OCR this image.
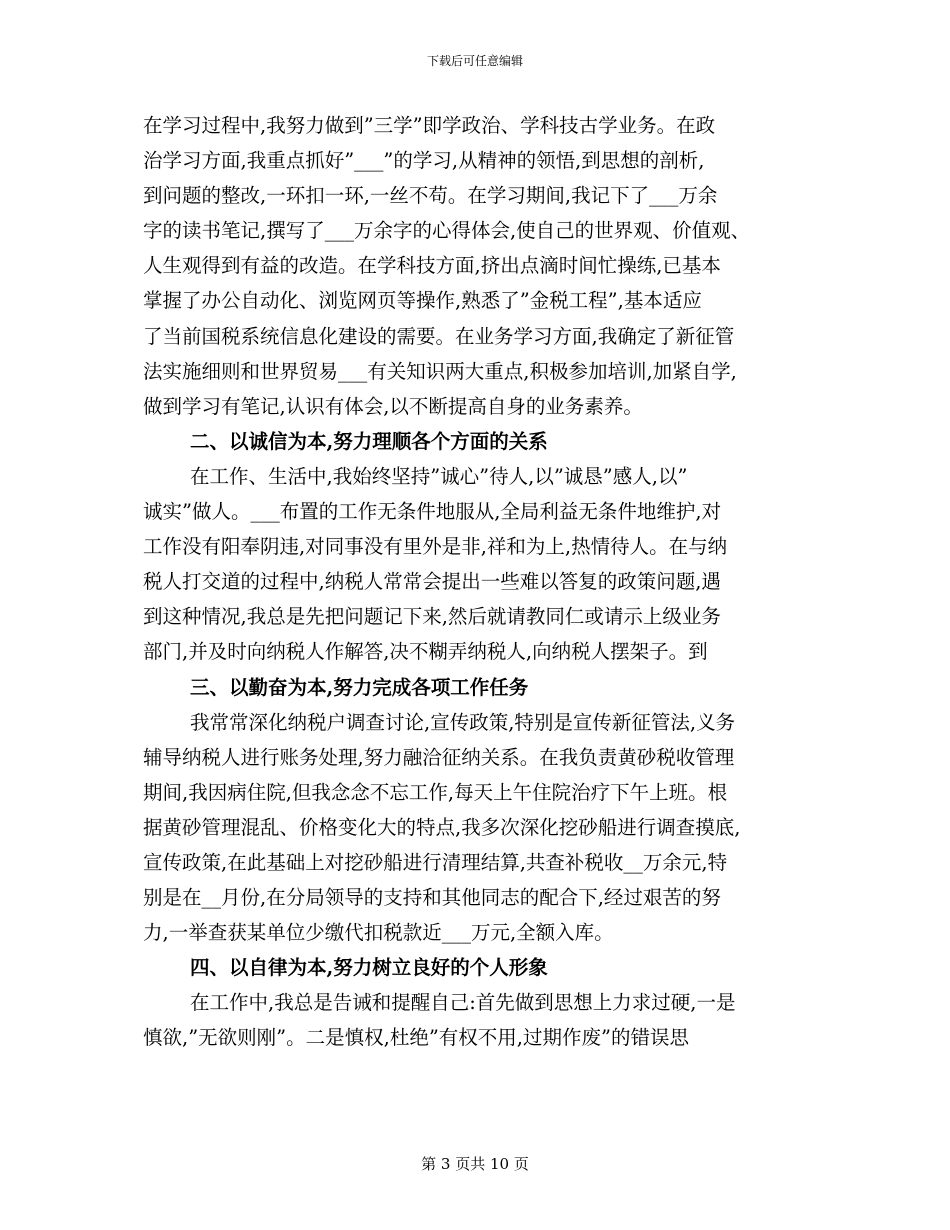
下载后可任意编辑
在学习过程中,我努力做到”三学”即学政治、学科技古学业务。在政
治学习方面,我重点抓好”___”的学习,从精神的领悟,到思想的剖析,
到问题的整改,一环扣一环,一丝不苟。在学习期间,我记下了___万余
字的读书笔记,撰写了___万余字的心得体会,使自己的世界观、价值观、
人生观得到有益的改造。在学科技方面,挤出点滴时间忙操练,已基本
掌握了办公自动化、浏览网页等操作,熟悉了”金税工程”,基本适应
了当前国税系统信息化建设的需要。在业务学习方面,我确定了新征管
法实施细则和世界贸易___有关知识两大重点,积极参加培训,加紧自学,
做到学习有笔记,认识有体会,以不断提高自身的业务素养。
二、以诚信为本,努力理顺各个方面的关系
在工作、生活中,我始终坚持”诚心”待人,以”诚恳”感人,以”
诚实”做人。___布置的工作无条件地服从,全局利益无条件地维护,对
工作没有阳奉阴违,对同事没有里外是非,祥和为上,热情待人。在与纳
税人打交道的过程中,纳税人常常会提出一些难以答复的政策问题,遇
到这种情况,我总是先把问题记下来,然后就请教同仁或请示上级业务
部门,并及时向纳税人作解答,决不糊弄纳税人,向纳税人摆架子。到
三、以勤奋为本,努力完成各项工作任务
我常常深化纳税户调查讨论,宣传政策,特别是宣传新征管法,义务
辅导纳税人进行账务处理,努力融洽征纳关系。在我负责黄砂税收管理
期间,我因病住院,但我念念不忘工作,每天上午住院治疗下午上班。根
据黄砂管理混乱、价格变化大的特点,我多次深化挖砂船进行调查摸底,
宣传政策,在此基础上对挖砂船进行清理结算,共查补税收__万余元,特
别是在__月份,在分局领导的支持和其他同志的配合下,经过艰苦的努
力,一举查获某单位少缴代扣税款近___万元,全额入库。
四、以自律为本,努力树立良好的个人形象
在工作中,我总是告诫和提醒自己:首先做到思想上力求过硬,一是
慎欲,”无欲则刚”。二是慎权,杜绝”有权不用,过期作废”的错误思
第 3 页共 10 页
